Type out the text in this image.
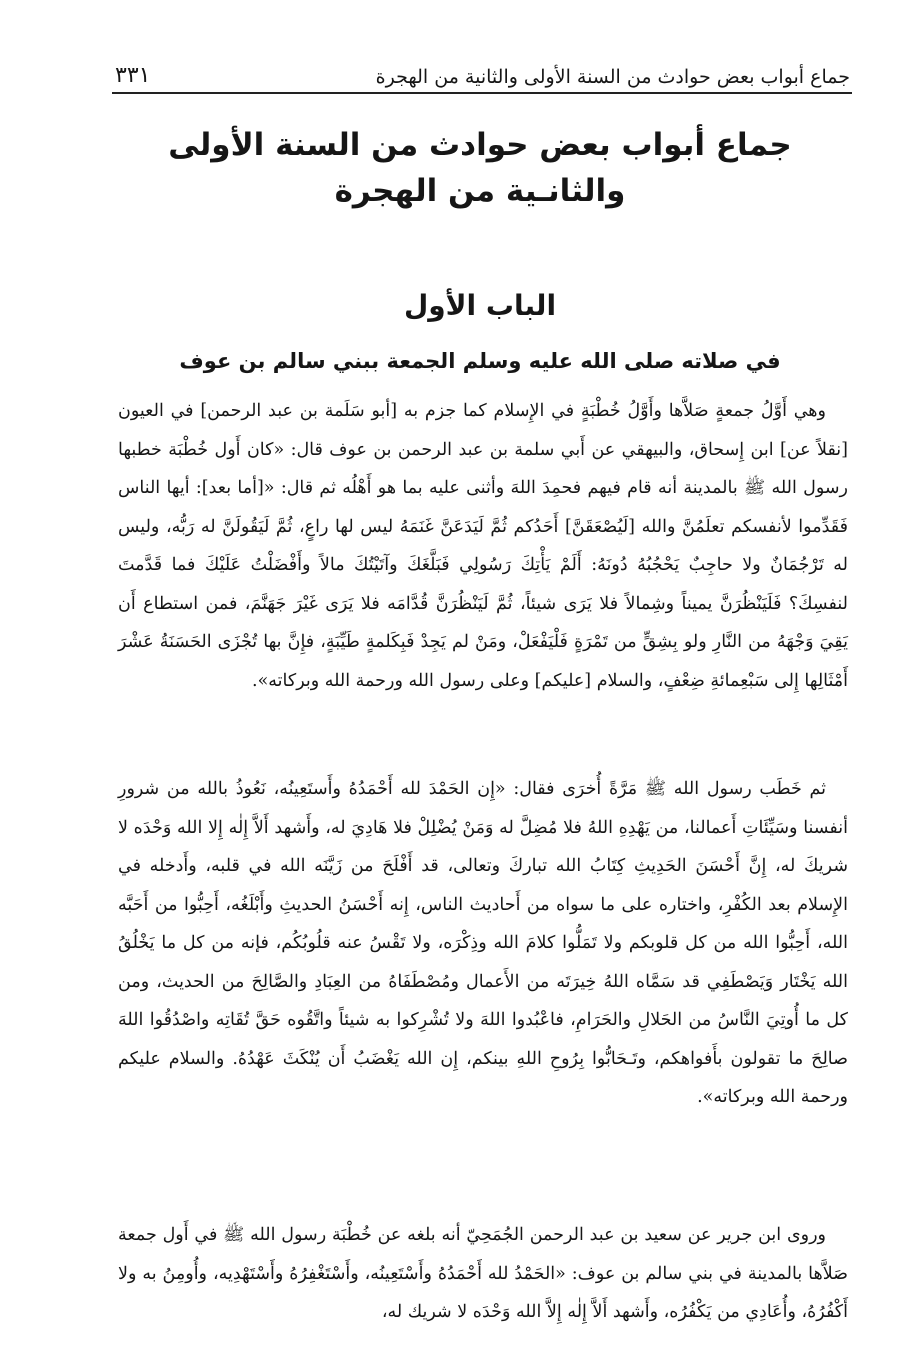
جماع أبواب بعض حوادث من السنة الأولى والثانية من الهجرة
٣٣١
جماع أبواب بعض حوادث من السنة الأولى
والثانـية من الهجرة
الباب الأول
في صلاته صلى الله عليه وسلم الجمعة ببني سالم بن عوف

وهي أَوَّلُ جمعةٍ صَلاَّها وأَوَّلُ خُطْبَةٍ في الإِسلام كما جزم به [أبو سَلَمة بن عبد الرحمن] في العيون [نقلاً عن] ابن إِسحاق، والبيهقي عن أَبي سلمة بن عبد الرحمن بن عوف قال: «كان أَول خُطْبَة خطبها رسول الله ﷺ بالمدينة أنه قام فيهم فحمِدَ اللهَ وأثنى عليه بما هو أَهْلُه ثم قال: «[أما بعد]: أيها الناس فَقَدِّموا لأنفسكم تعلَمُنَّ والله [لَيُصْعَقَنَّ] أَحَدُكم ثُمَّ لَيَدَعَنَّ غَنَمَهُ ليس لها راعٍ، ثُمَّ لَيَقُولَنَّ له رَبُّه، وليس له تَرْجُمَانٌ ولا حاجِبٌ يَحْجُبُهُ دُونَهُ: أَلَمْ يَأْتِكَ رَسُولِي فَبَلَّغَكَ وآتَيْتُكَ مالاً وأَفْضَلْتُ عَلَيْكَ فما قَدَّمتَ لنفسِكَ؟ فَلَيَنْظُرَنَّ يميناً وشِمالاً فلا يَرَى شيئاً، ثُمَّ لَيَنْظُرَنَّ قُدَّامَه فلا يَرَى غَيْرَ جَهَنَّمَ، فمن استطاع أَن يَقِيَ وَجْهَهُ من النَّارِ ولو بِشِقٍّ من تَمْرَةٍ فَلْيَفْعَلْ، ومَنْ لم يَجِدْ فَبِكَلمةٍ طَيِّبَةٍ، فإِنَّ بها تُجْزَى الحَسَنَةُ عَشْرَ أَمْثَالِها إِلى سَبْعِمائةِ ضِعْفٍ، والسلام [عليكم] وعلى رسول الله ورحمة الله وبركاته».

ثم خَطَب رسول الله ﷺ مَرَّةً أُخرَى فقال: «إِن الحَمْدَ لله أَحْمَدُهُ وأَستَعِينُه، نَعُوذُ بالله من شرورِ أنفسنا وسَيِّئَاتِ أَعمالنا، من يَهْدِهِ اللهُ فلا مُضِلَّ له وَمَنْ يُضْلِلْ فلا هَادِيَ له، وأَشهد أَلاَّ إِلٰه إِلا الله وَحْدَه لا شريكَ له، إِنَّ أَحْسَنَ الحَدِيثِ كِتَابُ الله تباركَ وتعالى، قد أَفْلَحَ من زَيَّنَه الله في قلبه، وأَدخله في الإِسلام بعد الكُفْرِ، واختاره على ما سواه من أَحاديث الناس، إِنه أَحْسَنُ الحديثِ وأَبْلَغُه، أَحِبُّوا من أَحَبَّه الله، أَحِبُّوا الله من كل قلوبكم ولا تَمَلُّوا كلامَ الله وذِكْرَه، ولا تَقْسُ عنه قلُوبُكُم، فإنه من كل ما يَخْلُقُ الله يَخْتَار وَيَصْطَفِي قد سَمَّاه اللهُ خِيرَتَه من الأَعمال ومُصْطَفَاهُ من العِبَادِ والصَّالِحَ من الحديث، ومن كل ما أُوتِيَ النَّاسُ من الحَلالِ والحَرَامِ، فاعْبُدوا اللهَ ولا تُشْرِكوا به شيئاً واتَّقُوه حَقَّ تُقَاتِه واصْدُقُوا اللهَ صالِحَ ما تقولون بأَفواهكم، وتَـحَابُّوا بِرُوحِ اللهِ بينكم، إِن الله يَغْضَبُ أَن يُنْكَثَ عَهْدُهُ. والسلام عليكم ورحمة الله وبركاته».

وروى ابن جرير عن سعيد بن عبد الرحمن الجُمَحِيّ أنه بلغه عن خُطْبَة رسول الله ﷺ في أَول جمعة صَلاَّها بالمدينة في بني سالم بن عوف: «الحَمْدُ لله أَحْمَدُهُ وأَسْتَعِينُه، وأَسْتَغْفِرُهُ وأَسْتَهْدِيه، وأُومِنُ به ولا أَكْفُرُهُ، وأُعَادِي من يَكْفُرُه، وأَشهد أَلاَّ إِلٰه إِلاَّ الله وَحْدَه لا شريك له،
